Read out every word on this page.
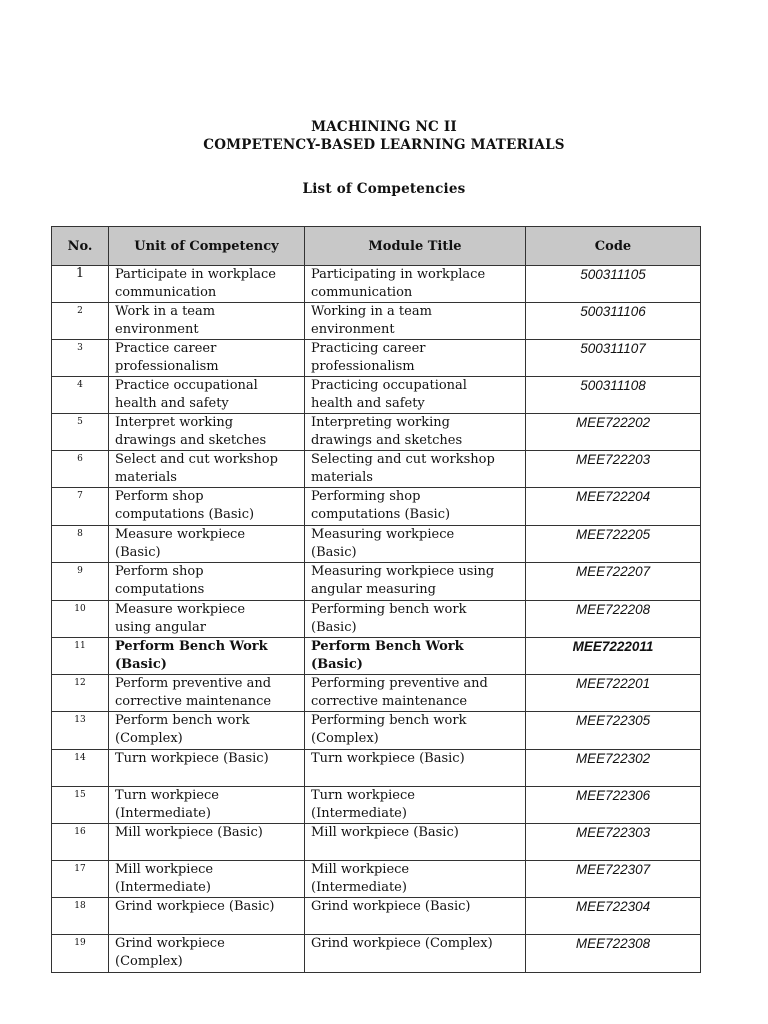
MACHINING NC II
COMPETENCY-BASED LEARNING MATERIALS
List of Competencies
No.	Unit of Competency	Module Title	Code
1	Participate in workplace
communication	Participating in workplace
communication	500311105
2	Work in a team
environment	Working in a team
environment	500311106
3	Practice career
professionalism	Practicing career
professionalism	500311107
4	Practice occupational
health and safety	Practicing occupational
health and safety	500311108
5	Interpret working
drawings and sketches	Interpreting working
drawings and sketches	MEE722202
6	Select and cut workshop
materials	Selecting and cut workshop
materials	MEE722203
7	Perform shop
computations (Basic)	Performing shop
computations (Basic)	MEE722204
8	Measure workpiece
(Basic)	Measuring workpiece
(Basic)	MEE722205
9	Perform shop
computations	Measuring workpiece using
angular measuring	MEE722207
10	Measure workpiece
using angular	Performing bench work
(Basic)	MEE722208
11	Perform Bench Work
(Basic)	Perform Bench Work
(Basic)	MEE7222011
12	Perform preventive and
corrective maintenance	Performing preventive and
corrective maintenance	MEE722201
13	Perform bench work
(Complex)	Performing bench work
(Complex)	MEE722305
14	Turn workpiece (Basic)	Turn workpiece (Basic)	MEE722302
15	Turn workpiece
(Intermediate)	Turn workpiece
(Intermediate)	MEE722306
16	Mill workpiece (Basic)	Mill workpiece (Basic)	MEE722303
17	Mill workpiece
(Intermediate)	Mill workpiece
(Intermediate)	MEE722307
18	Grind workpiece (Basic)	Grind workpiece (Basic)	MEE722304
19	Grind workpiece
(Complex)	Grind workpiece (Complex)	MEE722308
